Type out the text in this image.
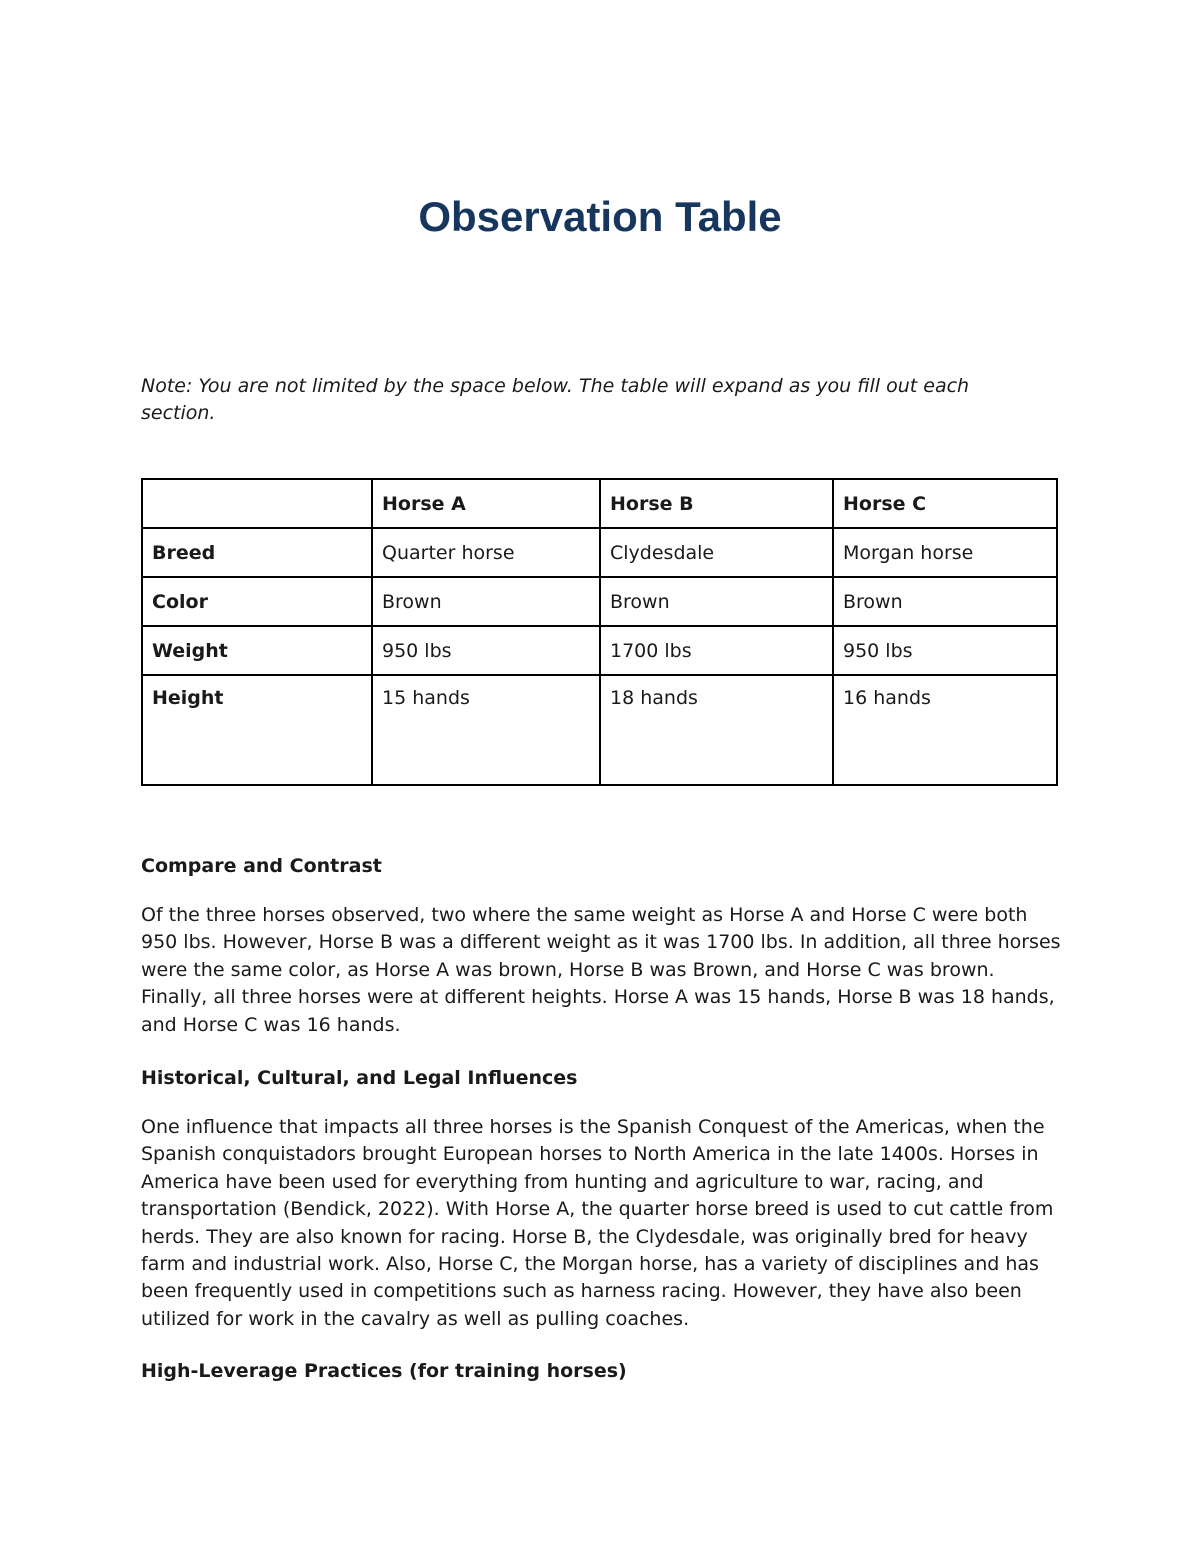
Observation Table

Note: You are not limited by the space below. The table will expand as you fill out each section.

	Horse A	Horse B	Horse C
Breed	Quarter horse	Clydesdale	Morgan horse
Color	Brown	Brown	Brown
Weight	950 lbs	1700 lbs	950 lbs
Height	15 hands	18 hands	16 hands
Compare and Contrast

Of the three horses observed, two where the same weight as Horse A and Horse C were both 950 lbs. However, Horse B was a different weight as it was 1700 lbs. In addition, all three horses were the same color, as Horse A was brown, Horse B was Brown, and Horse C was brown. Finally, all three horses were at different heights. Horse A was 15 hands, Horse B was 18 hands, and Horse C was 16 hands.

Historical, Cultural, and Legal Influences

One influence that impacts all three horses is the Spanish Conquest of the Americas, when the Spanish conquistadors brought European horses to North America in the late 1400s. Horses in America have been used for everything from hunting and agriculture to war, racing, and transportation (Bendick, 2022). With Horse A, the quarter horse breed is used to cut cattle from herds. They are also known for racing. Horse B, the Clydesdale, was originally bred for heavy farm and industrial work. Also, Horse C, the Morgan horse, has a variety of disciplines and has been frequently used in competitions such as harness racing. However, they have also been utilized for work in the cavalry as well as pulling coaches.

High-Leverage Practices (for training horses)
